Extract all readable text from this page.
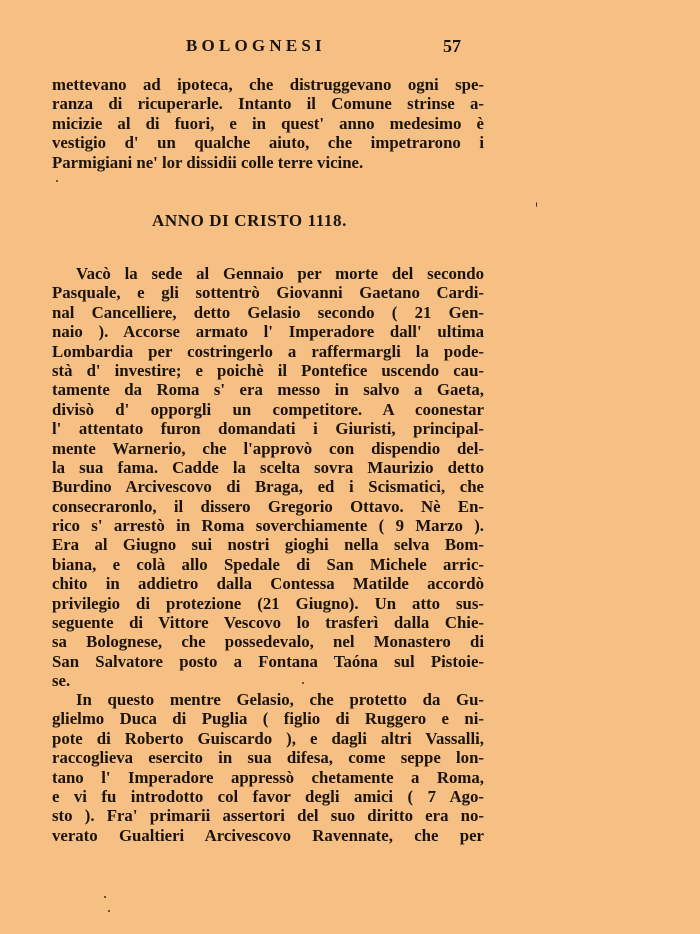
BOLOGNESI	57
mettevano ad ipoteca, che distruggevano ogni spe-
ranza di ricuperarle. Intanto il Comune strinse a-
micizie al di fuori, e in quest' anno medesimo è
vestigio d' un qualche aiuto, che impetrarono i
Parmigiani ne' lor dissidii colle terre vicine.
ANNO DI CRISTO 1118.
Vacò la sede al Gennaio per morte del secondo
Pasquale, e gli sottentrò Giovanni Gaetano Cardi-
nal Cancelliere, detto Gelasio secondo ( 21 Gen-
naio ). Accorse armato l' Imperadore dall' ultima
Lombardia per costringerlo a raffermargli la pode-
stà d' investire; e poichè il Pontefice uscendo cau-
tamente da Roma s' era messo in salvo a Gaeta,
divisò d' opporgli un competitore. A coonestar
l' attentato furon domandati i Giuristi, principal-
mente Warnerio, che l'approvò con dispendio del-
la sua fama. Cadde la scelta sovra Maurizio detto
Burdino Arcivescovo di Braga, ed i Scismatici, che
consecraronlo, il dissero Gregorio Ottavo. Nè En-
rico s' arrestò in Roma soverchiamente ( 9 Marzo ).
Era al Giugno sui nostri gioghi nella selva Bom-
biana, e colà allo Spedale di San Michele arric-
chito in addietro dalla Contessa Matilde accordò
privilegio di protezione (21 Giugno). Un atto sus-
seguente di Vittore Vescovo lo trasferì dalla Chie-
sa Bolognese, che possedevalo, nel Monastero di
San Salvatore posto a Fontana Taóna sul Pistoie-
se.
In questo mentre Gelasio, che protetto da Gu-
glielmo Duca di Puglia ( figlio di Ruggero e ni-
pote di Roberto Guiscardo ), e dagli altri Vassalli,
raccoglieva esercito in sua difesa, come seppe lon-
tano l' Imperadore appressò chetamente a Roma,
e vi fu introdotto col favor degli amici ( 7 Ago-
sto ). Fra' primarii assertori del suo diritto era no-
verato Gualtieri Arcivescovo Ravennate, che per
